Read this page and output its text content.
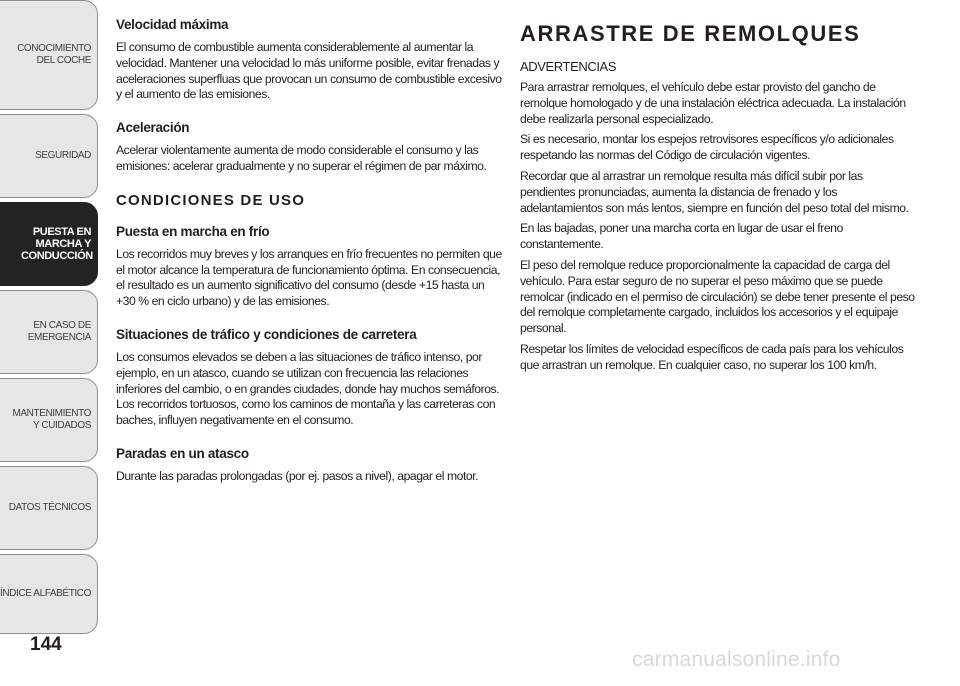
CONOCIMIENTO DEL COCHE
SEGURIDAD
PUESTA EN MARCHA Y CONDUCCIÓN
EN CASO DE EMERGENCIA
MANTENIMIENTO Y CUIDADOS
DATOS TÉCNICOS
ÍNDICE ALFABÉTICO
144
Velocidad máxima

El consumo de combustible aumenta considerablemente al aumentar la velocidad. Mantener una velocidad lo más uniforme posible, evitar frenadas y aceleraciones superfluas que provocan un consumo de combustible excesivo y el aumento de las emisiones.

Aceleración

Acelerar violentamente aumenta de modo considerable el consumo y las emisiones: acelerar gradualmente y no superar el régimen de par máximo.

CONDICIONES DE USO
Puesta en marcha en frío

Los recorridos muy breves y los arranques en frío frecuentes no permiten que el motor alcance la temperatura de funcionamiento óptima. En consecuencia, el resultado es un aumento significativo del consumo (desde +15 hasta un +30 % en ciclo urbano) y de las emisiones.

Situaciones de tráfico y condiciones de carretera

Los consumos elevados se deben a las situaciones de tráfico intenso, por ejemplo, en un atasco, cuando se utilizan con frecuencia las relaciones inferiores del cambio, o en grandes ciudades, donde hay muchos semáforos. Los recorridos tortuosos, como los caminos de montaña y las carreteras con baches, influyen negativamente en el consumo.

Paradas en un atasco

Durante las paradas prolongadas (por ej. pasos a nivel), apagar el motor.

ARRASTRE DE REMOLQUES
ADVERTENCIAS

Para arrastrar remolques, el vehículo debe estar provisto del gancho de remolque homologado y de una instalación eléctrica adecuada. La instalación debe realizarla personal especializado.

Si es necesario, montar los espejos retrovisores específicos y/o adicionales respetando las normas del Código de circulación vigentes.

Recordar que al arrastrar un remolque resulta más difícil subir por las pendientes pronunciadas, aumenta la distancia de frenado y los adelantamientos son más lentos, siempre en función del peso total del mismo.

En las bajadas, poner una marcha corta en lugar de usar el freno constantemente.

El peso del remolque reduce proporcionalmente la capacidad de carga del vehículo. Para estar seguro de no superar el peso máximo que se puede remolcar (indicado en el permiso de circulación) se debe tener presente el peso del remolque completamente cargado, incluidos los accesorios y el equipaje personal.

Respetar los límites de velocidad específicos de cada país para los vehículos que arrastran un remolque. En cualquier caso, no superar los 100 km/h.

carmanualsonline.info
